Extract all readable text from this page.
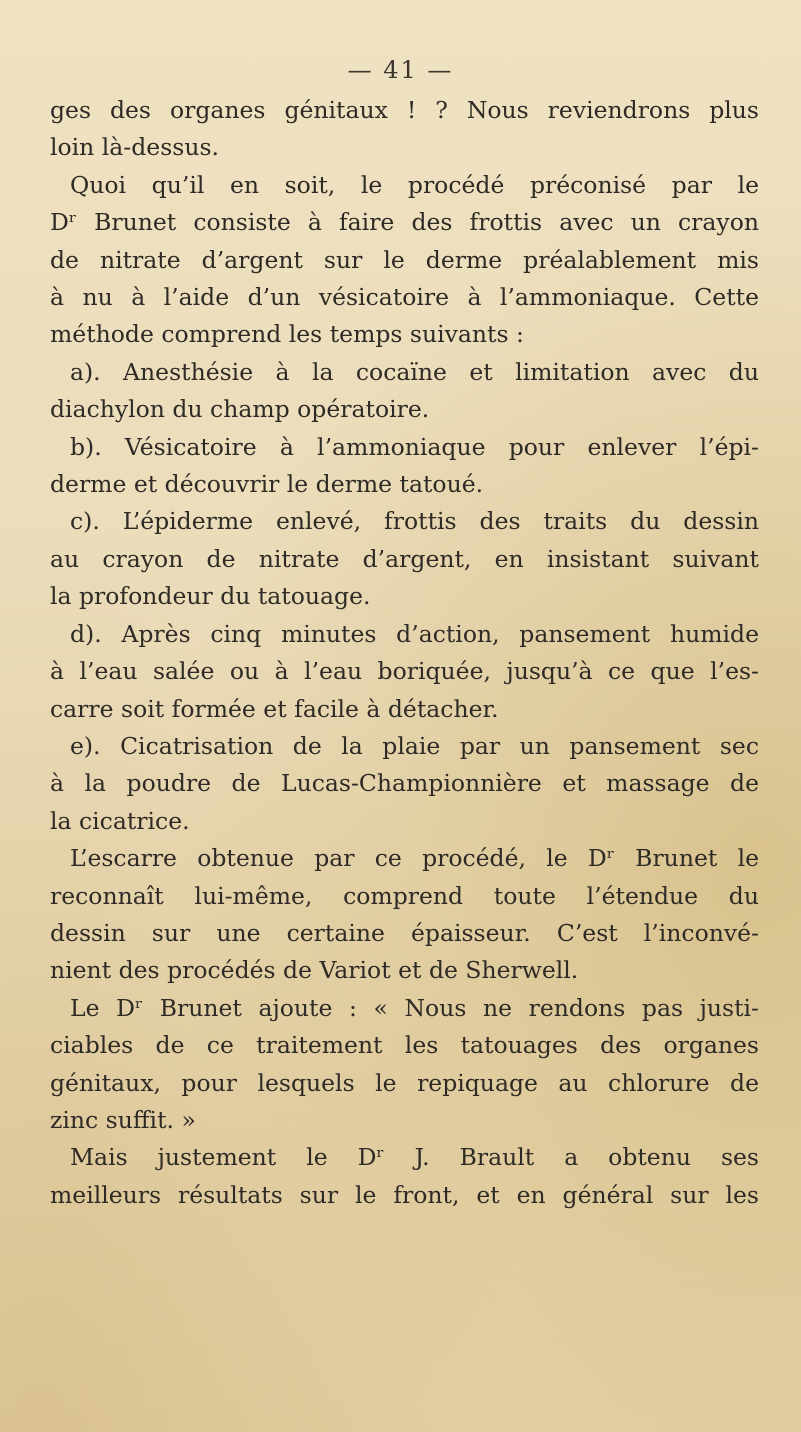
— 41 —
ges des organes génitaux ! ? Nous reviendrons plus
loin là-dessus.
Quoi qu’il en soit, le procédé préconisé par le
Dʳ Brunet consiste à faire des frottis avec un crayon
de nitrate d’argent sur le derme préalablement mis
à nu à l’aide d’un vésicatoire à l’ammoniaque. Cette
méthode comprend les temps suivants :
a). Anesthésie à la cocaïne et limitation avec du
diachylon du champ opératoire.
b). Vésicatoire à l’ammoniaque pour enlever l’épi-
derme et découvrir le derme tatoué.
c). L’épiderme enlevé, frottis des traits du dessin
au crayon de nitrate d’argent, en insistant suivant
la profondeur du tatouage.
d). Après cinq minutes d’action, pansement humide
à l’eau salée ou à l’eau boriquée, jusqu’à ce que l’es-
carre soit formée et facile à détacher.
e). Cicatrisation de la plaie par un pansement sec
à la poudre de Lucas-Championnière et massage de
la cicatrice.
L’escarre obtenue par ce procédé, le Dʳ Brunet le
reconnaît lui-même, comprend toute l’étendue du
dessin sur une certaine épaisseur. C’est l’inconvé-
nient des procédés de Variot et de Sherwell.
Le Dʳ Brunet ajoute : « Nous ne rendons pas justi-
ciables de ce traitement les tatouages des organes
génitaux, pour lesquels le repiquage au chlorure de
zinc suffit. »
Mais justement le Dʳ J. Brault a obtenu ses
meilleurs résultats sur le front, et en général sur les
